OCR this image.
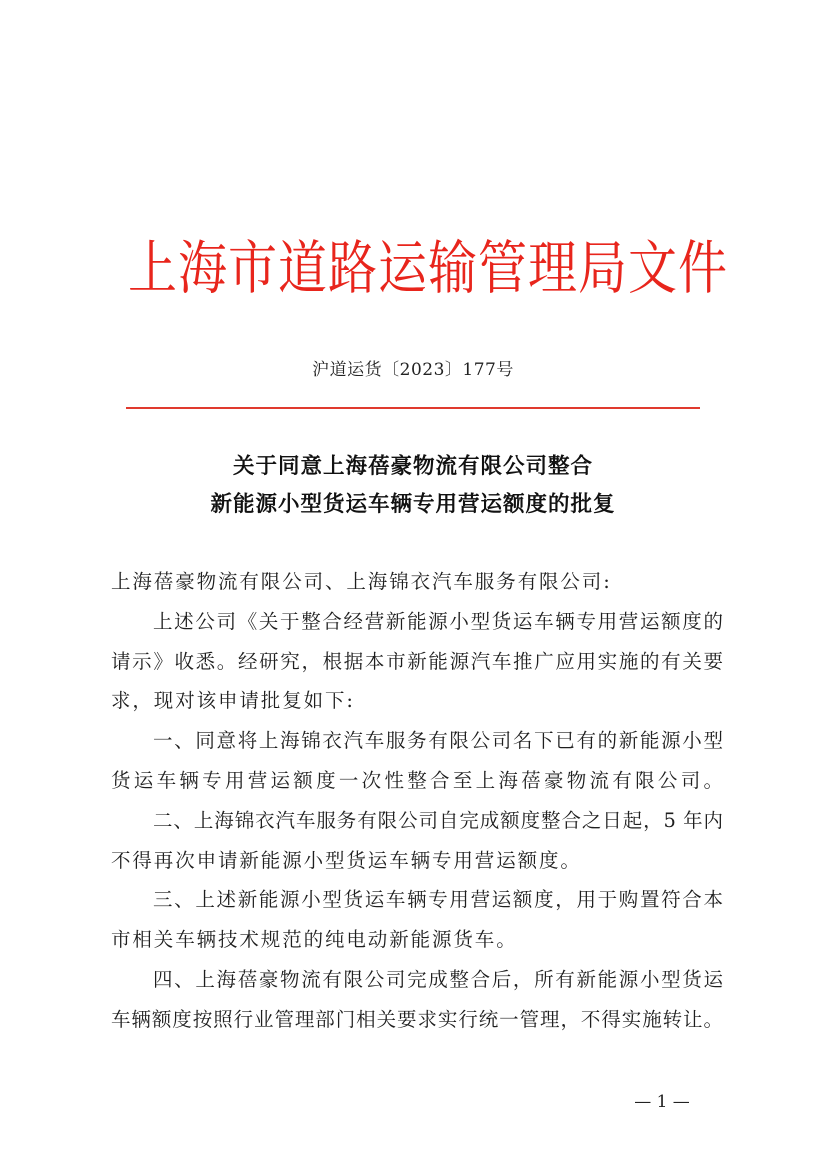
上海市道路运输管理局文件
沪道运货〔2023〕177号
关于同意上海蓓豪物流有限公司整合
新能源小型货运车辆专用营运额度的批复
上海蓓豪物流有限公司、上海锦衣汽车服务有限公司:
上述公司《关于整合经营新能源小型货运车辆专用营运额度的
请示》收悉。经研究，根据本市新能源汽车推广应用实施的有关要
求，现对该申请批复如下:
一、同意将上海锦衣汽车服务有限公司名下已有的新能源小型
货运车辆专用营运额度一次性整合至上海蓓豪物流有限公司。
二、上海锦衣汽车服务有限公司自完成额度整合之日起，5 年内
不得再次申请新能源小型货运车辆专用营运额度。
三、上述新能源小型货运车辆专用营运额度，用于购置符合本
市相关车辆技术规范的纯电动新能源货车。
四、上海蓓豪物流有限公司完成整合后，所有新能源小型货运
车辆额度按照行业管理部门相关要求实行统一管理，不得实施转让。
— 1 —
